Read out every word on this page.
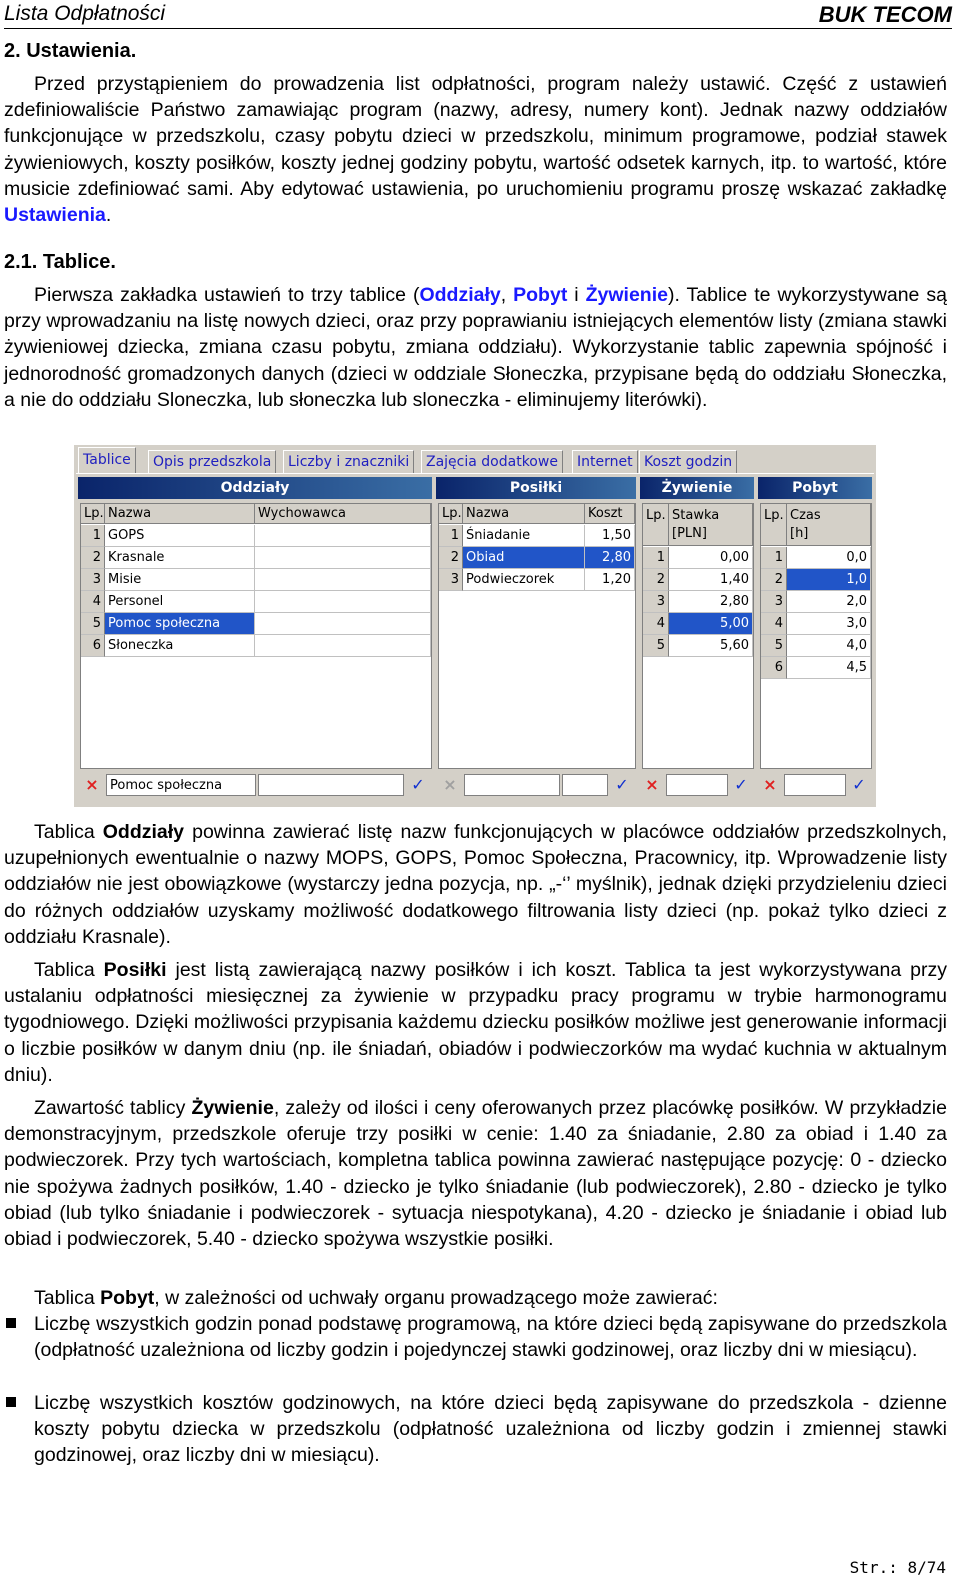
Lista Odpłatności	BUK TECOM
2. Ustawienia.
Przed przystąpieniem do prowadzenia list odpłatności, program należy ustawić. Część z ustawień zdefiniowaliście Państwo zamawiając program (nazwy, adresy, numery kont). Jednak nazwy oddziałów funkcjonujące w przedszkolu, czasy pobytu dzieci w przedszkolu, minimum programowe, podział stawek żywieniowych, koszty posiłków, koszty jednej godziny pobytu, wartość odsetek karnych, itp. to wartość, które musicie zdefiniować sami. Aby edytować ustawienia, po uruchomieniu programu proszę wskazać zakładkę Ustawienia.
2.1. Tablice.
Pierwsza zakładka ustawień to trzy tablice (Oddziały, Pobyt i Żywienie). Tablice te wykorzystywane są przy wprowadzaniu na listę nowych dzieci, oraz przy poprawianiu istniejących elementów listy (zmiana stawki żywieniowej dziecka, zmiana czasu pobytu, zmiana oddziału). Wykorzystanie tablic zapewnia spójność i jednorodność gromadzonych danych (dzieci w oddziale Słoneczka, przypisane będą do oddziału Słoneczka, a nie do oddziału Sloneczka, lub słoneczka lub sloneczka - eliminujemy literówki).
Tablice	Opis przedszkola	Liczby i znaczniki	Zajęcia dodatkowe	Internet Koszt godzin
Oddziały	Posiłki	Żywienie	Pobyt
Lp. Nazwa	Wychowawca
1 GOPS
2 Krasnale
3 Misie
4 Personel
5 Pomoc społeczna
6 Słoneczka
Lp. Nazwa	Koszt
1 Śniadanie	1,50
2 Obiad	2,80
3 Podwieczorek	1,20
Lp. Stawka
[PLN]
1	0,00
2	1,40
3	2,80
4	5,00
5	5,60
Lp. Czas
[h]
1	0,0
2	1,0
3	2,0
4	3,0
5	4,0
6	4,5
× Pomoc społeczna	✓ ×	✓ ×	✓ ×	✓
Tablica Oddziały powinna zawierać listę nazw funkcjonujących w placówce oddziałów przedszkolnych, uzupełnionych ewentualnie o nazwy MOPS, GOPS, Pomoc Społeczna, Pracownicy, itp. Wprowadzenie listy oddziałów nie jest obowiązkowe (wystarczy jedna pozycja, np. „-‘’ myślnik), jednak dzięki przydzieleniu dzieci do różnych oddziałów uzyskamy możliwość dodatkowego filtrowania listy dzieci (np. pokaż tylko dzieci z oddziału Krasnale).
Tablica Posiłki jest listą zawierającą nazwy posiłków i ich koszt. Tablica ta jest wykorzystywana przy ustalaniu odpłatności miesięcznej za żywienie w przypadku pracy programu w trybie harmonogramu tygodniowego. Dzięki możliwości przypisania każdemu dziecku posiłków możliwe jest generowanie informacji o liczbie posiłków w danym dniu (np. ile śniadań, obiadów i podwieczorków ma wydać kuchnia w aktualnym dniu).
Zawartość tablicy Żywienie, zależy od ilości i ceny oferowanych przez placówkę posiłków. W przykładzie demonstracyjnym, przedszkole oferuje trzy posiłki w cenie: 1.40 za śniadanie, 2.80 za obiad i 1.40 za podwieczorek. Przy tych wartościach, kompletna tablica powinna zawierać następujące pozycję: 0 - dziecko nie spożywa żadnych posiłków, 1.40 - dziecko je tylko śniadanie (lub podwieczorek), 2.80 - dziecko je tylko obiad (lub tylko śniadanie i podwieczorek - sytuacja niespotykana), 4.20 - dziecko je śniadanie i obiad lub obiad i podwieczorek, 5.40 - dziecko spożywa wszystkie posiłki.
Tablica Pobyt, w zależności od uchwały organu prowadzącego może zawierać:
Liczbę wszystkich godzin ponad podstawę programową, na które dzieci będą zapisywane do przedszkola (odpłatność uzależniona od liczby godzin i pojedynczej stawki godzinowej, oraz liczby dni w miesiącu).
Liczbę wszystkich kosztów godzinowych, na które dzieci będą zapisywane do przedszkola - dzienne koszty pobytu dziecka w przedszkolu (odpłatność uzależniona od liczby godzin i zmiennej stawki godzinowej, oraz liczby dni w miesiącu).
Str.: 8/74
